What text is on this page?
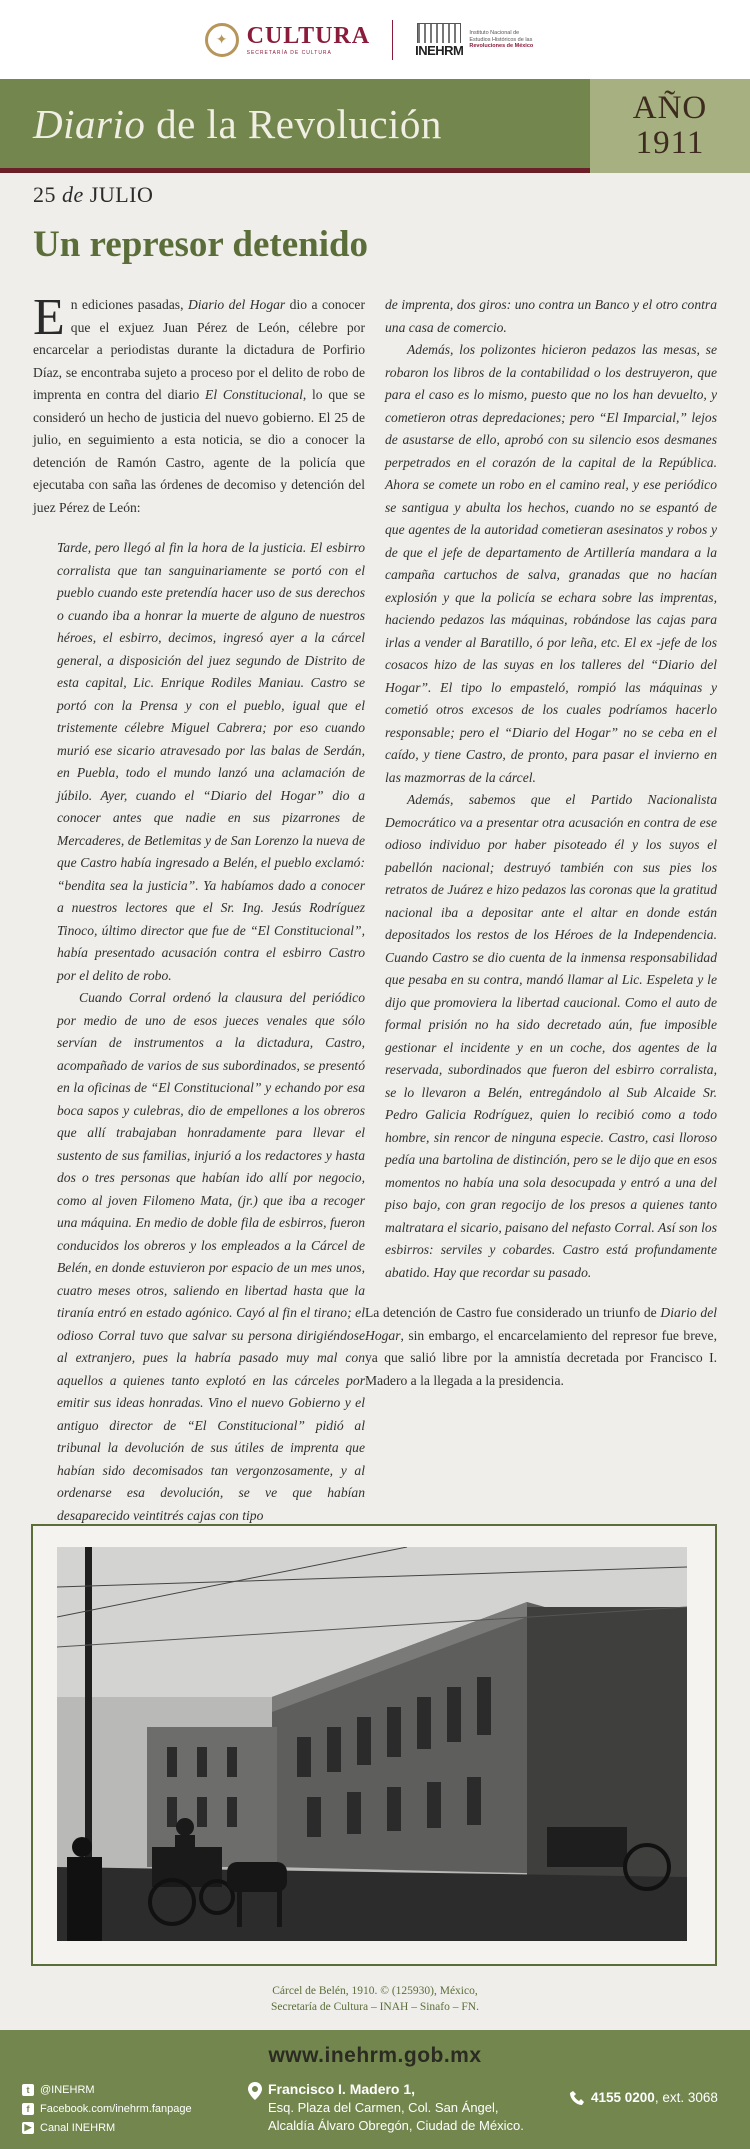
✦ CULTURA
SECRETARÍA DE CULTURA	INEHRM
Instituto Nacional de
Estudios Históricos de las
Revoluciones de México
Diario de la Revolución	AÑO
1911
25 de JULIO
Un represor detenido

En ediciones pasadas, Diario del Hogar dio a conocer que el exjuez Juan Pérez de León, célebre por encarcelar a periodistas durante la dictadura de Porfirio Díaz, se encontraba sujeto a proceso por el delito de robo de imprenta en contra del diario El Constitucional, lo que se consideró un hecho de justicia del nuevo gobierno. El 25 de julio, en seguimiento a esta noticia, se dio a conocer la detención de Ramón Castro, agente de la policía que ejecutaba con saña las órdenes de decomiso y detención del juez Pérez de León:

Tarde, pero llegó al fin la hora de la justicia. El esbirro corralista que tan sanguinariamente se portó con el pueblo cuando este pretendía hacer uso de sus derechos o cuando iba a honrar la muerte de alguno de nuestros héroes, el esbirro, decimos, ingresó ayer a la cárcel general, a disposición del juez segundo de Distrito de esta capital, Lic. Enrique Rodiles Maniau. Castro se portó con la Prensa y con el pueblo, igual que el tristemente célebre Miguel Cabrera; por eso cuando murió ese sicario atravesado por las balas de Serdán, en Puebla, todo el mundo lanzó una aclamación de júbilo. Ayer, cuando el “Diario del Hogar” dio a conocer antes que nadie en sus pizarrones de Mercaderes, de Betlemitas y de San Lorenzo la nueva de que Castro había ingresado a Belén, el pueblo exclamó: “bendita sea la justicia”. Ya habíamos dado a conocer a nuestros lectores que el Sr. Ing. Jesús Rodríguez Tinoco, último director que fue de “El Constitucional”, había presentado acusación contra el esbirro Castro por el delito de robo.

Cuando Corral ordenó la clausura del periódico por medio de uno de esos jueces venales que sólo servían de instrumentos a la dictadura, Castro, acompañado de varios de sus subordinados, se presentó en la oficinas de “El Constitucional” y echando por esa boca sapos y culebras, dio de empellones a los obreros que allí trabajaban honradamente para llevar el sustento de sus familias, injurió a los redactores y hasta dos o tres personas que habían ido allí por negocio, como al joven Filomeno Mata, (jr.) que iba a recoger una máquina. En medio de doble fila de esbirros, fueron conducidos los obreros y los empleados a la Cárcel de Belén, en donde estuvieron por espacio de un mes unos, cuatro meses otros, saliendo en libertad hasta que la tiranía entró en estado agónico. Cayó al fin el tirano; el odioso Corral tuvo que salvar su persona dirigiéndose al extranjero, pues la habría pasado muy mal con aquellos a quienes tanto explotó en las cárceles por emitir sus ideas honradas. Vino el nuevo Gobierno y el antiguo director de “El Constitucional” pidió al tribunal la devolución de sus útiles de imprenta que habían sido decomisados tan vergonzosamente, y al ordenarse esa devolución, se ve que habían desaparecido veintitrés cajas con tipo

de imprenta, dos giros: uno contra un Banco y el otro contra una casa de comercio.

Además, los polizontes hicieron pedazos las mesas, se robaron los libros de la contabilidad o los destruyeron, que para el caso es lo mismo, puesto que no los han devuelto, y cometieron otras depredaciones; pero “El Imparcial,” lejos de asustarse de ello, aprobó con su silencio esos desmanes perpetrados en el corazón de la capital de la República. Ahora se comete un robo en el camino real, y ese periódico se santigua y abulta los hechos, cuando no se espantó de que agentes de la autoridad cometieran asesinatos y robos y de que el jefe de departamento de Artillería mandara a la campaña cartuchos de salva, granadas que no hacían explosión y que la policía se echara sobre las imprentas, haciendo pedazos las máquinas, robándose las cajas para irlas a vender al Baratillo, ó por leña, etc. El ex -jefe de los cosacos hizo de las suyas en los talleres del “Diario del Hogar”. El tipo lo empasteló, rompió las máquinas y cometió otros excesos de los cuales podríamos hacerlo responsable; pero el “Diario del Hogar” no se ceba en el caído, y tiene Castro, de pronto, para pasar el invierno en las mazmorras de la cárcel.

Además, sabemos que el Partido Nacionalista Democrático va a presentar otra acusación en contra de ese odioso individuo por haber pisoteado él y los suyos el pabellón nacional; destruyó también con sus pies los retratos de Juárez e hizo pedazos las coronas que la gratitud nacional iba a depositar ante el altar en donde están depositados los restos de los Héroes de la Independencia. Cuando Castro se dio cuenta de la inmensa responsabilidad que pesaba en su contra, mandó llamar al Lic. Espeleta y le dijo que promoviera la libertad caucional. Como el auto de formal prisión no ha sido decretado aún, fue imposible gestionar el incidente y en un coche, dos agentes de la reservada, subordinados que fueron del esbirro corralista, se lo llevaron a Belén, entregándolo al Sub Alcaide Sr. Pedro Galicia Rodríguez, quien lo recibió como a todo hombre, sin rencor de ninguna especie. Castro, casi lloroso pedía una bartolina de distinción, pero se le dijo que en esos momentos no había una sola desocupada y entró a una del piso bajo, con gran regocijo de los presos a quienes tanto maltratara el sicario, paisano del nefasto Corral. Así son los esbirros: serviles y cobardes. Castro está profundamente abatido. Hay que recordar su pasado.

La detención de Castro fue considerado un triunfo de Diario del Hogar, sin embargo, el encarcelamiento del represor fue breve, ya que salió libre por la amnistía decretada por Francisco I. Madero a la llegada a la presidencia.

Cárcel de Belén, 1910. © (125930), México,
Secretaría de Cultura – INAH – Sinafo – FN.
www.inehrm.gob.mx
t @INEHRM
f Facebook.com/inehrm.fanpage
▶ Canal INEHRM
Francisco I. Madero 1,
Esq. Plaza del Carmen, Col. San Ángel,
Alcaldía Álvaro Obregón, Ciudad de México.
4155 0200, ext. 3068
